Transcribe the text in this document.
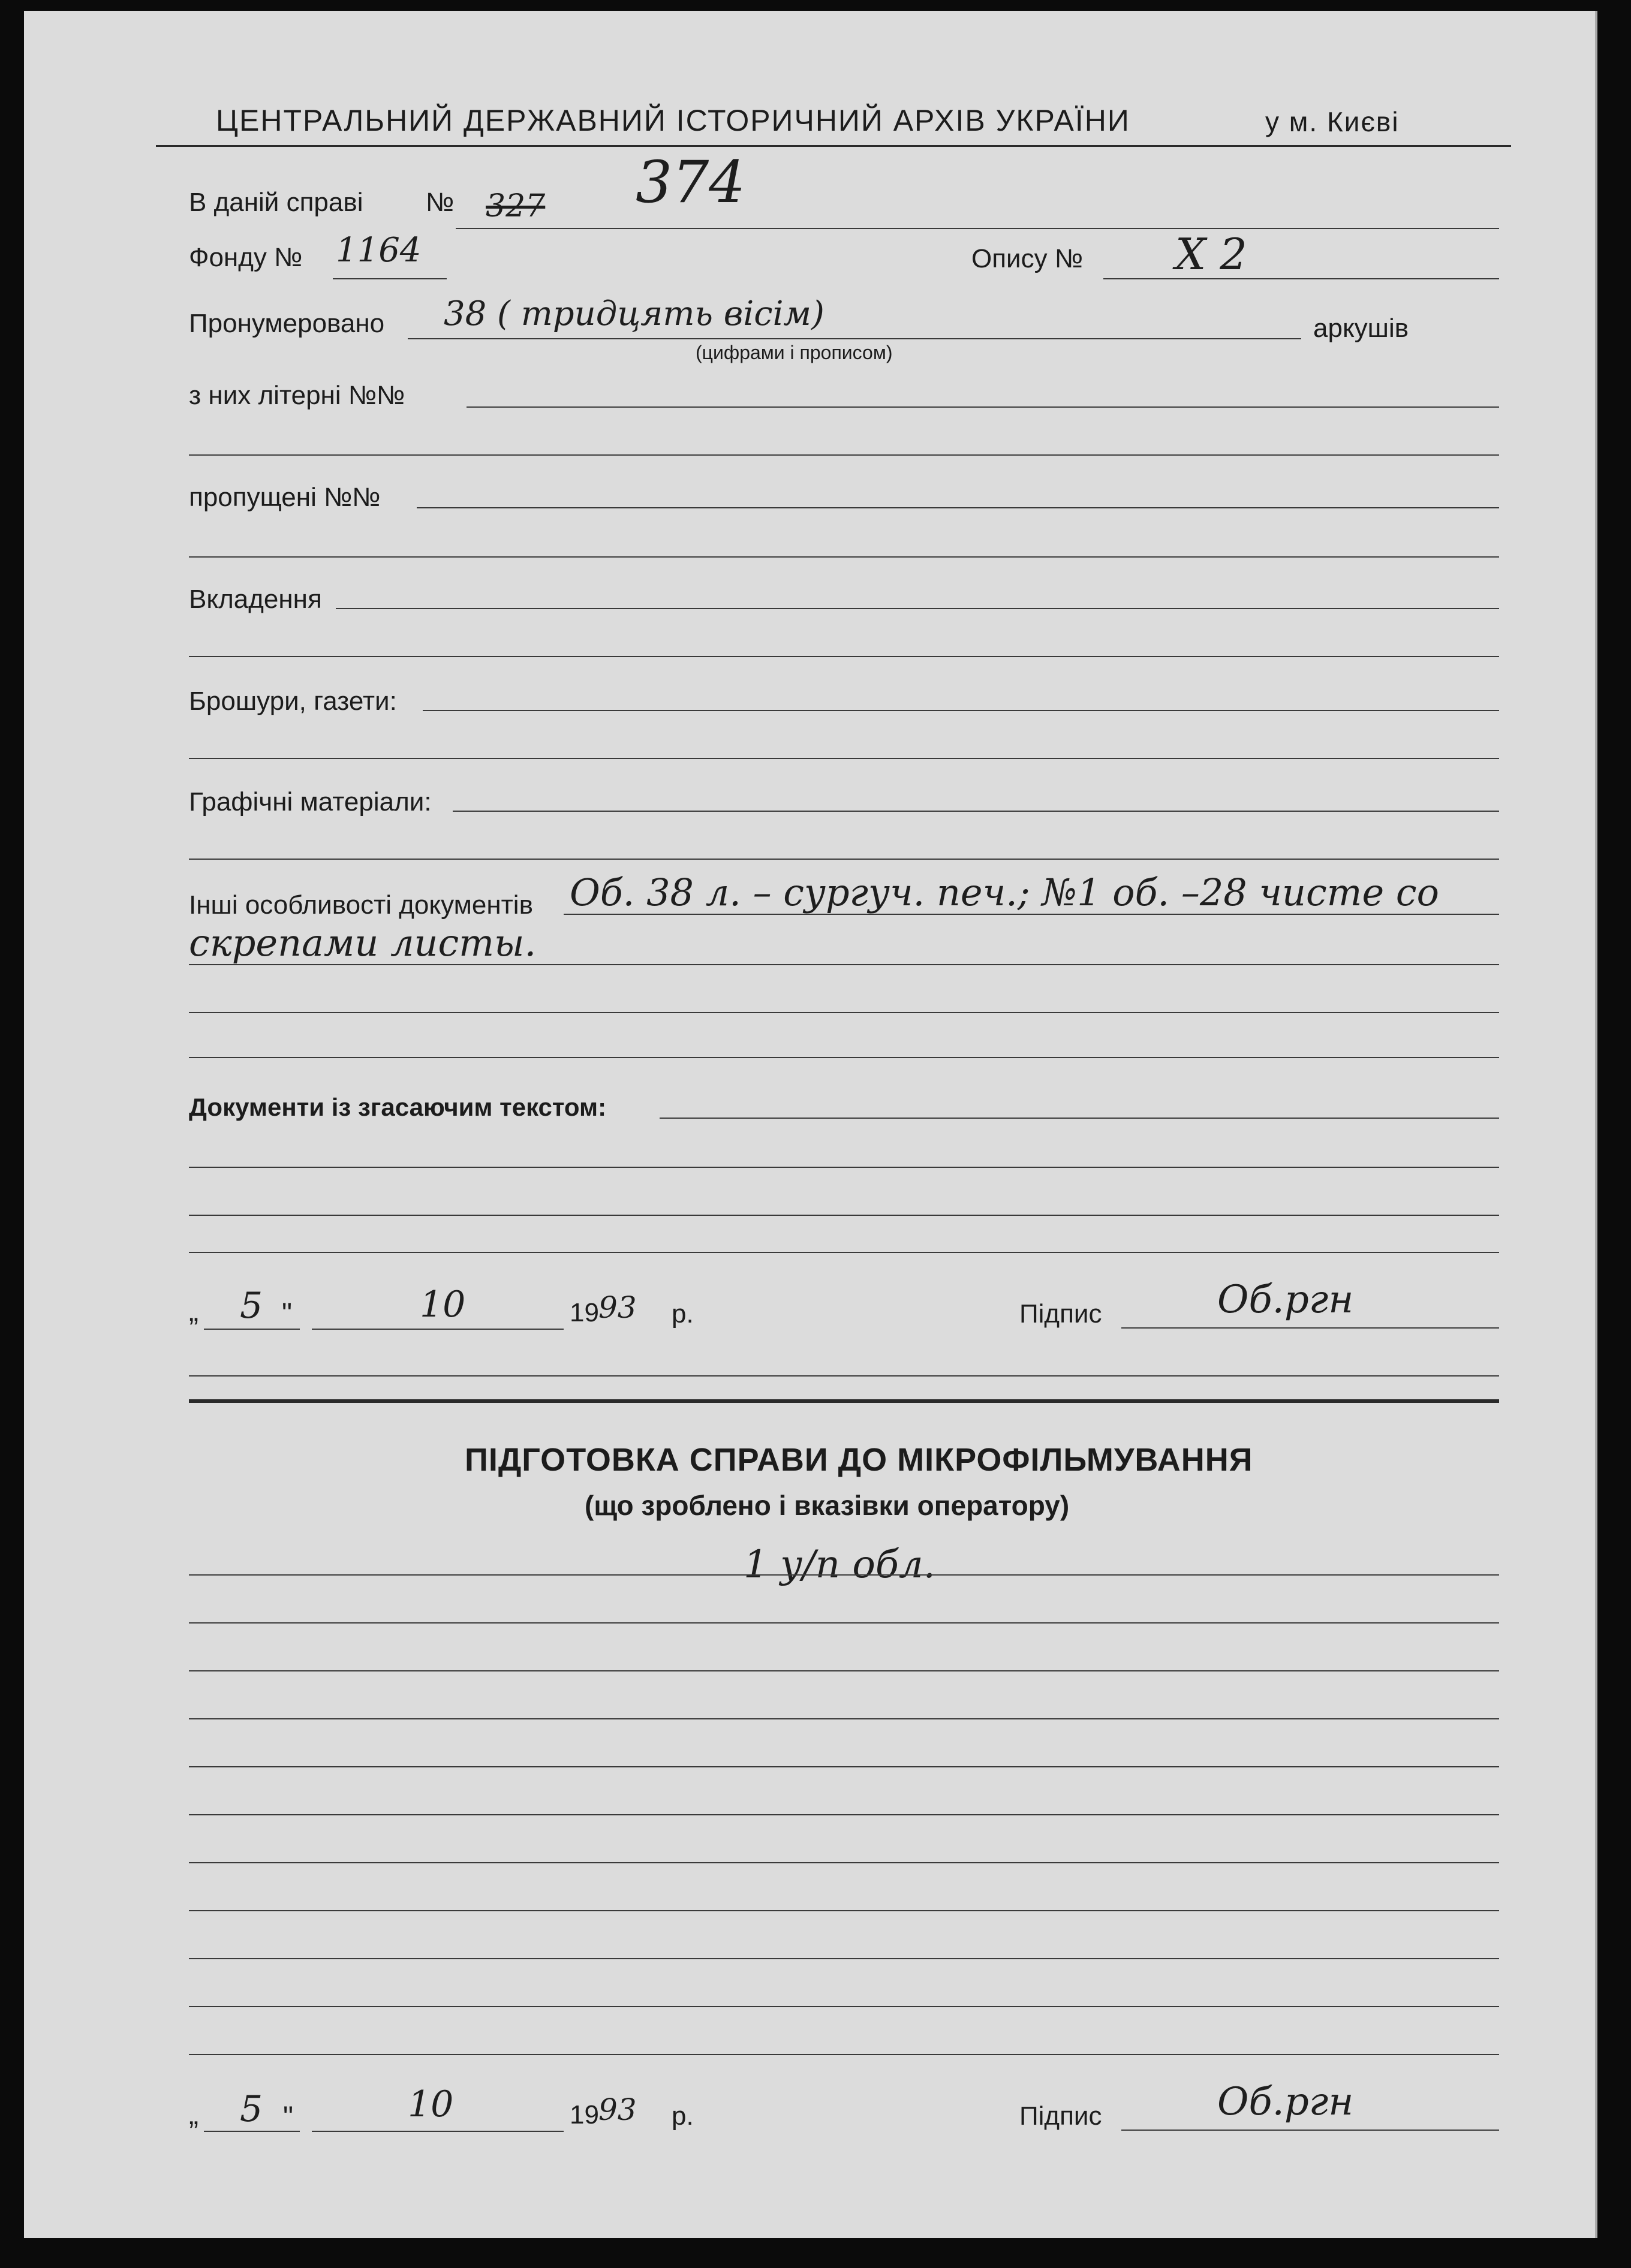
ЦЕНТРАЛЬНИЙ ДЕРЖАВНИЙ ІСТОРИЧНИЙ АРХІВ УКРАЇНИ	у м. Києві
В даній справі № 327 374
Фонду № 1164	Опису № X 2
Пронумеровано 38 ( тридцять вісім)
(цифрами і прописом)
аркушів
з них літерні №№
пропущені №№
Вкладення
Брошури, газети:
Графічні матеріали:
Інші особливості документів Об. 38 л. – сургуч. печ.; №1 об. –28 чисте со
скрепами листы.
Документи із згасаючим текстом:
„ 5 "	10	19 93 р.	Підпис	Об.ргн
ПІДГОТОВКА СПРАВИ ДО МІКРОФІЛЬМУВАННЯ
(що зроблено і вказівки оператору)
1 у/п обл.
„ 5 "	10	19 93 р.	Підпис	Об.ргн
